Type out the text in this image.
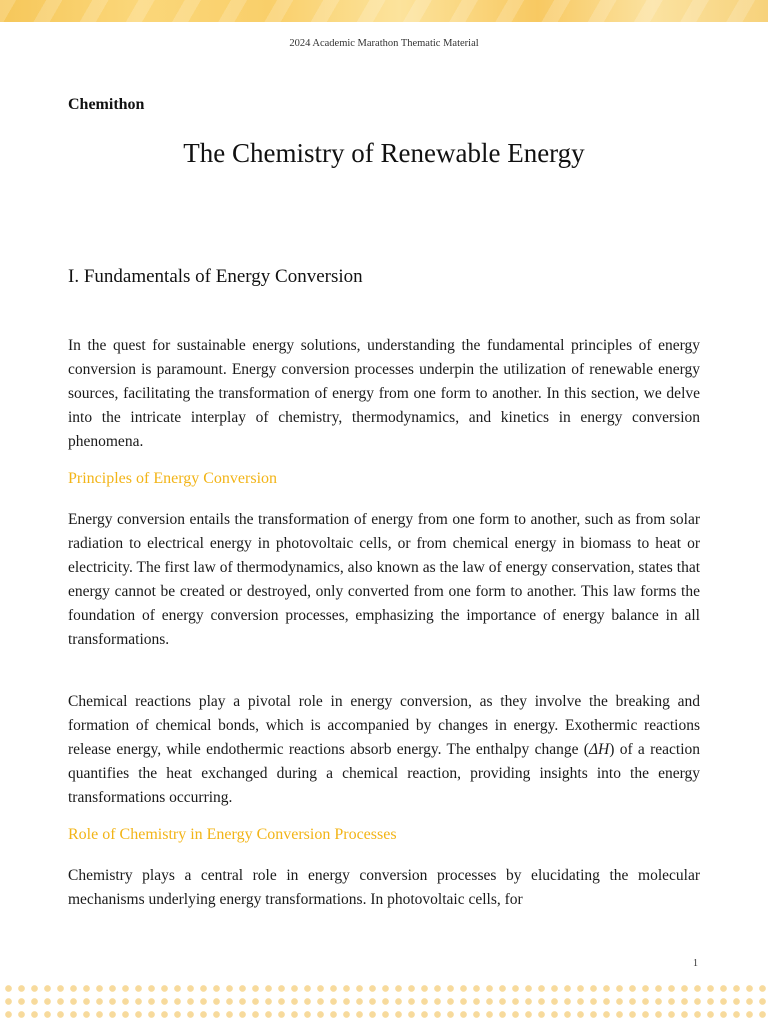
2024 Academic Marathon Thematic Material
Chemithon
The Chemistry of Renewable Energy
I. Fundamentals of Energy Conversion

In the quest for sustainable energy solutions, understanding the fundamental principles of energy conversion is paramount. Energy conversion processes underpin the utilization of renewable energy sources, facilitating the transformation of energy from one form to another. In this section, we delve into the intricate interplay of chemistry, thermodynamics, and kinetics in energy conversion phenomena.

Principles of Energy Conversion

Energy conversion entails the transformation of energy from one form to another, such as from solar radiation to electrical energy in photovoltaic cells, or from chemical energy in biomass to heat or electricity. The first law of thermodynamics, also known as the law of energy conservation, states that energy cannot be created or destroyed, only converted from one form to another. This law forms the foundation of energy conversion processes, emphasizing the importance of energy balance in all transformations.

Chemical reactions play a pivotal role in energy conversion, as they involve the breaking and formation of chemical bonds, which is accompanied by changes in energy. Exothermic reactions release energy, while endothermic reactions absorb energy. The enthalpy change (ΔH) of a reaction quantifies the heat exchanged during a chemical reaction, providing insights into the energy transformations occurring.

Role of Chemistry in Energy Conversion Processes

Chemistry plays a central role in energy conversion processes by elucidating the molecular mechanisms underlying energy transformations. In photovoltaic cells, for

1
